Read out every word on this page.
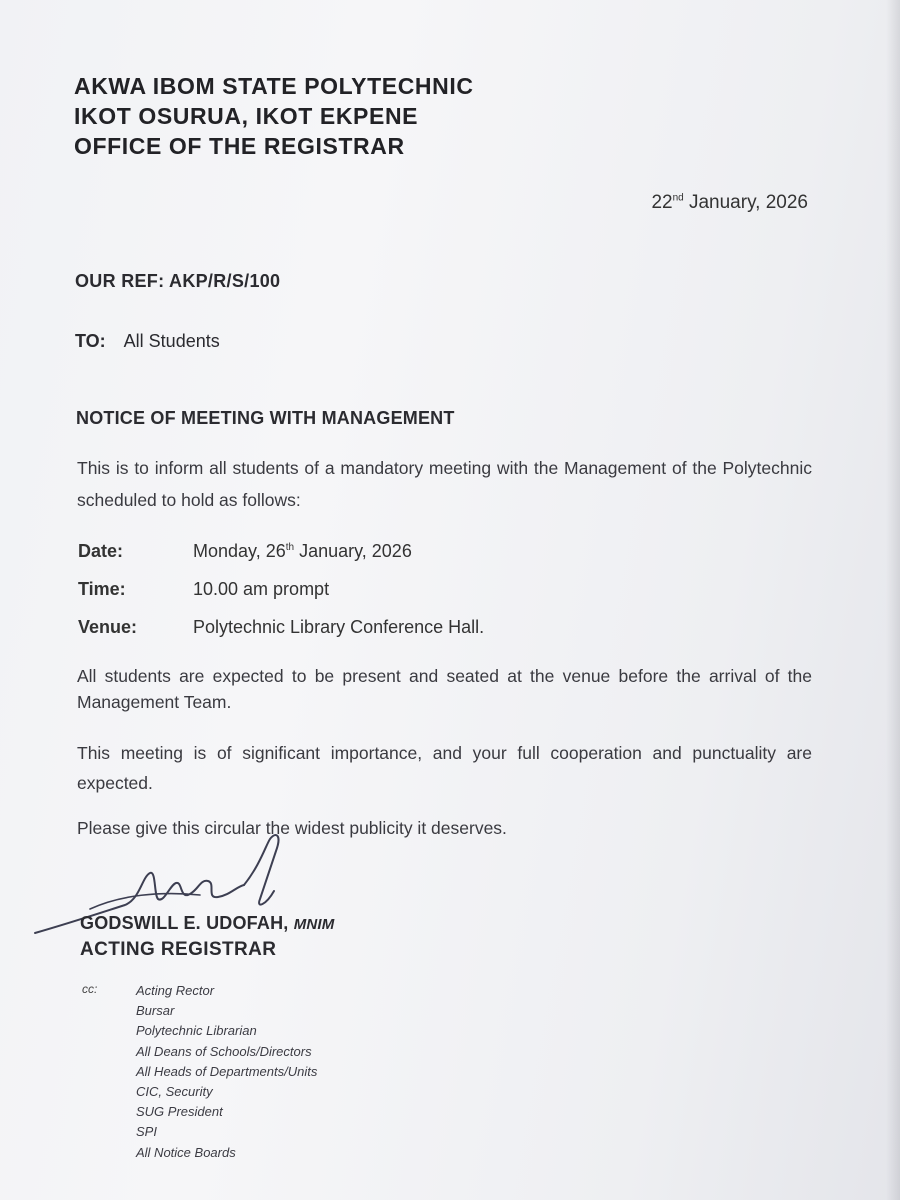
AKWA IBOM STATE POLYTECHNIC

IKOT OSURUA, IKOT EKPENE

OFFICE OF THE REGISTRAR

22nd January, 2026
OUR REF: AKP/R/S/100
TO: All Students
NOTICE OF MEETING WITH MANAGEMENT

This is to inform all students of a mandatory meeting with the Management of the Polytechnic scheduled to hold as follows:

Date:	Monday, 26th January, 2026
Time:	10.00 am prompt
Venue:	Polytechnic Library Conference Hall.

All students are expected to be present and seated at the venue before the arrival of the Management Team.

This meeting is of significant importance, and your full cooperation and punctuality are expected.

Please give this circular the widest publicity it deserves.

GODSWILL E. UDOFAH, MNIM
ACTING REGISTRAR
cc:	Acting Rector
Bursar
Polytechnic Librarian
All Deans of Schools/Directors
All Heads of Departments/Units
CIC, Security
SUG President
SPI
All Notice Boards
